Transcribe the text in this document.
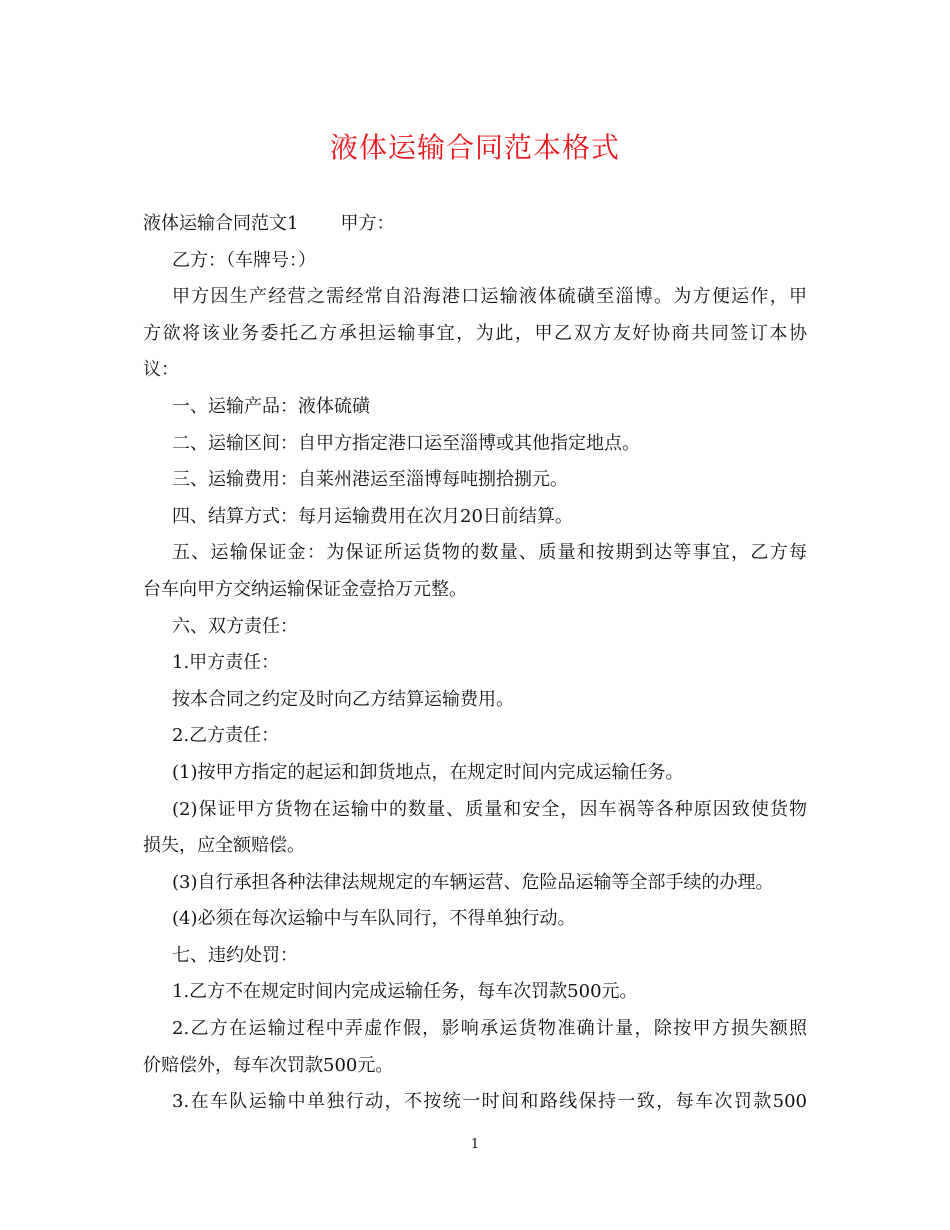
液体运输合同范本格式
液体运输合同范文1 甲方：
乙方：（车牌号：）
甲方因生产经营之需经常自沿海港口运输液体硫磺至淄博。为方便运作，甲
方欲将该业务委托乙方承担运输事宜，为此，甲乙双方友好协商共同签订本协
议：
一、运输产品：液体硫磺
二、运输区间：自甲方指定港口运至淄博或其他指定地点。
三、运输费用：自莱州港运至淄博每吨捌拾捌元。
四、结算方式：每月运输费用在次月20日前结算。
五、运输保证金：为保证所运货物的数量、质量和按期到达等事宜，乙方每
台车向甲方交纳运输保证金壹拾万元整。
六、双方责任：
1.甲方责任：
按本合同之约定及时向乙方结算运输费用。
2.乙方责任：
(1)按甲方指定的起运和卸货地点，在规定时间内完成运输任务。
(2)保证甲方货物在运输中的数量、质量和安全，因车祸等各种原因致使货物
损失，应全额赔偿。
(3)自行承担各种法律法规规定的车辆运营、危险品运输等全部手续的办理。
(4)必须在每次运输中与车队同行，不得单独行动。
七、违约处罚：
1.乙方不在规定时间内完成运输任务，每车次罚款500元。
2.乙方在运输过程中弄虚作假，影响承运货物准确计量，除按甲方损失额照
价赔偿外，每车次罚款500元。
3.在车队运输中单独行动，不按统一时间和路线保持一致，每车次罚款500
1
